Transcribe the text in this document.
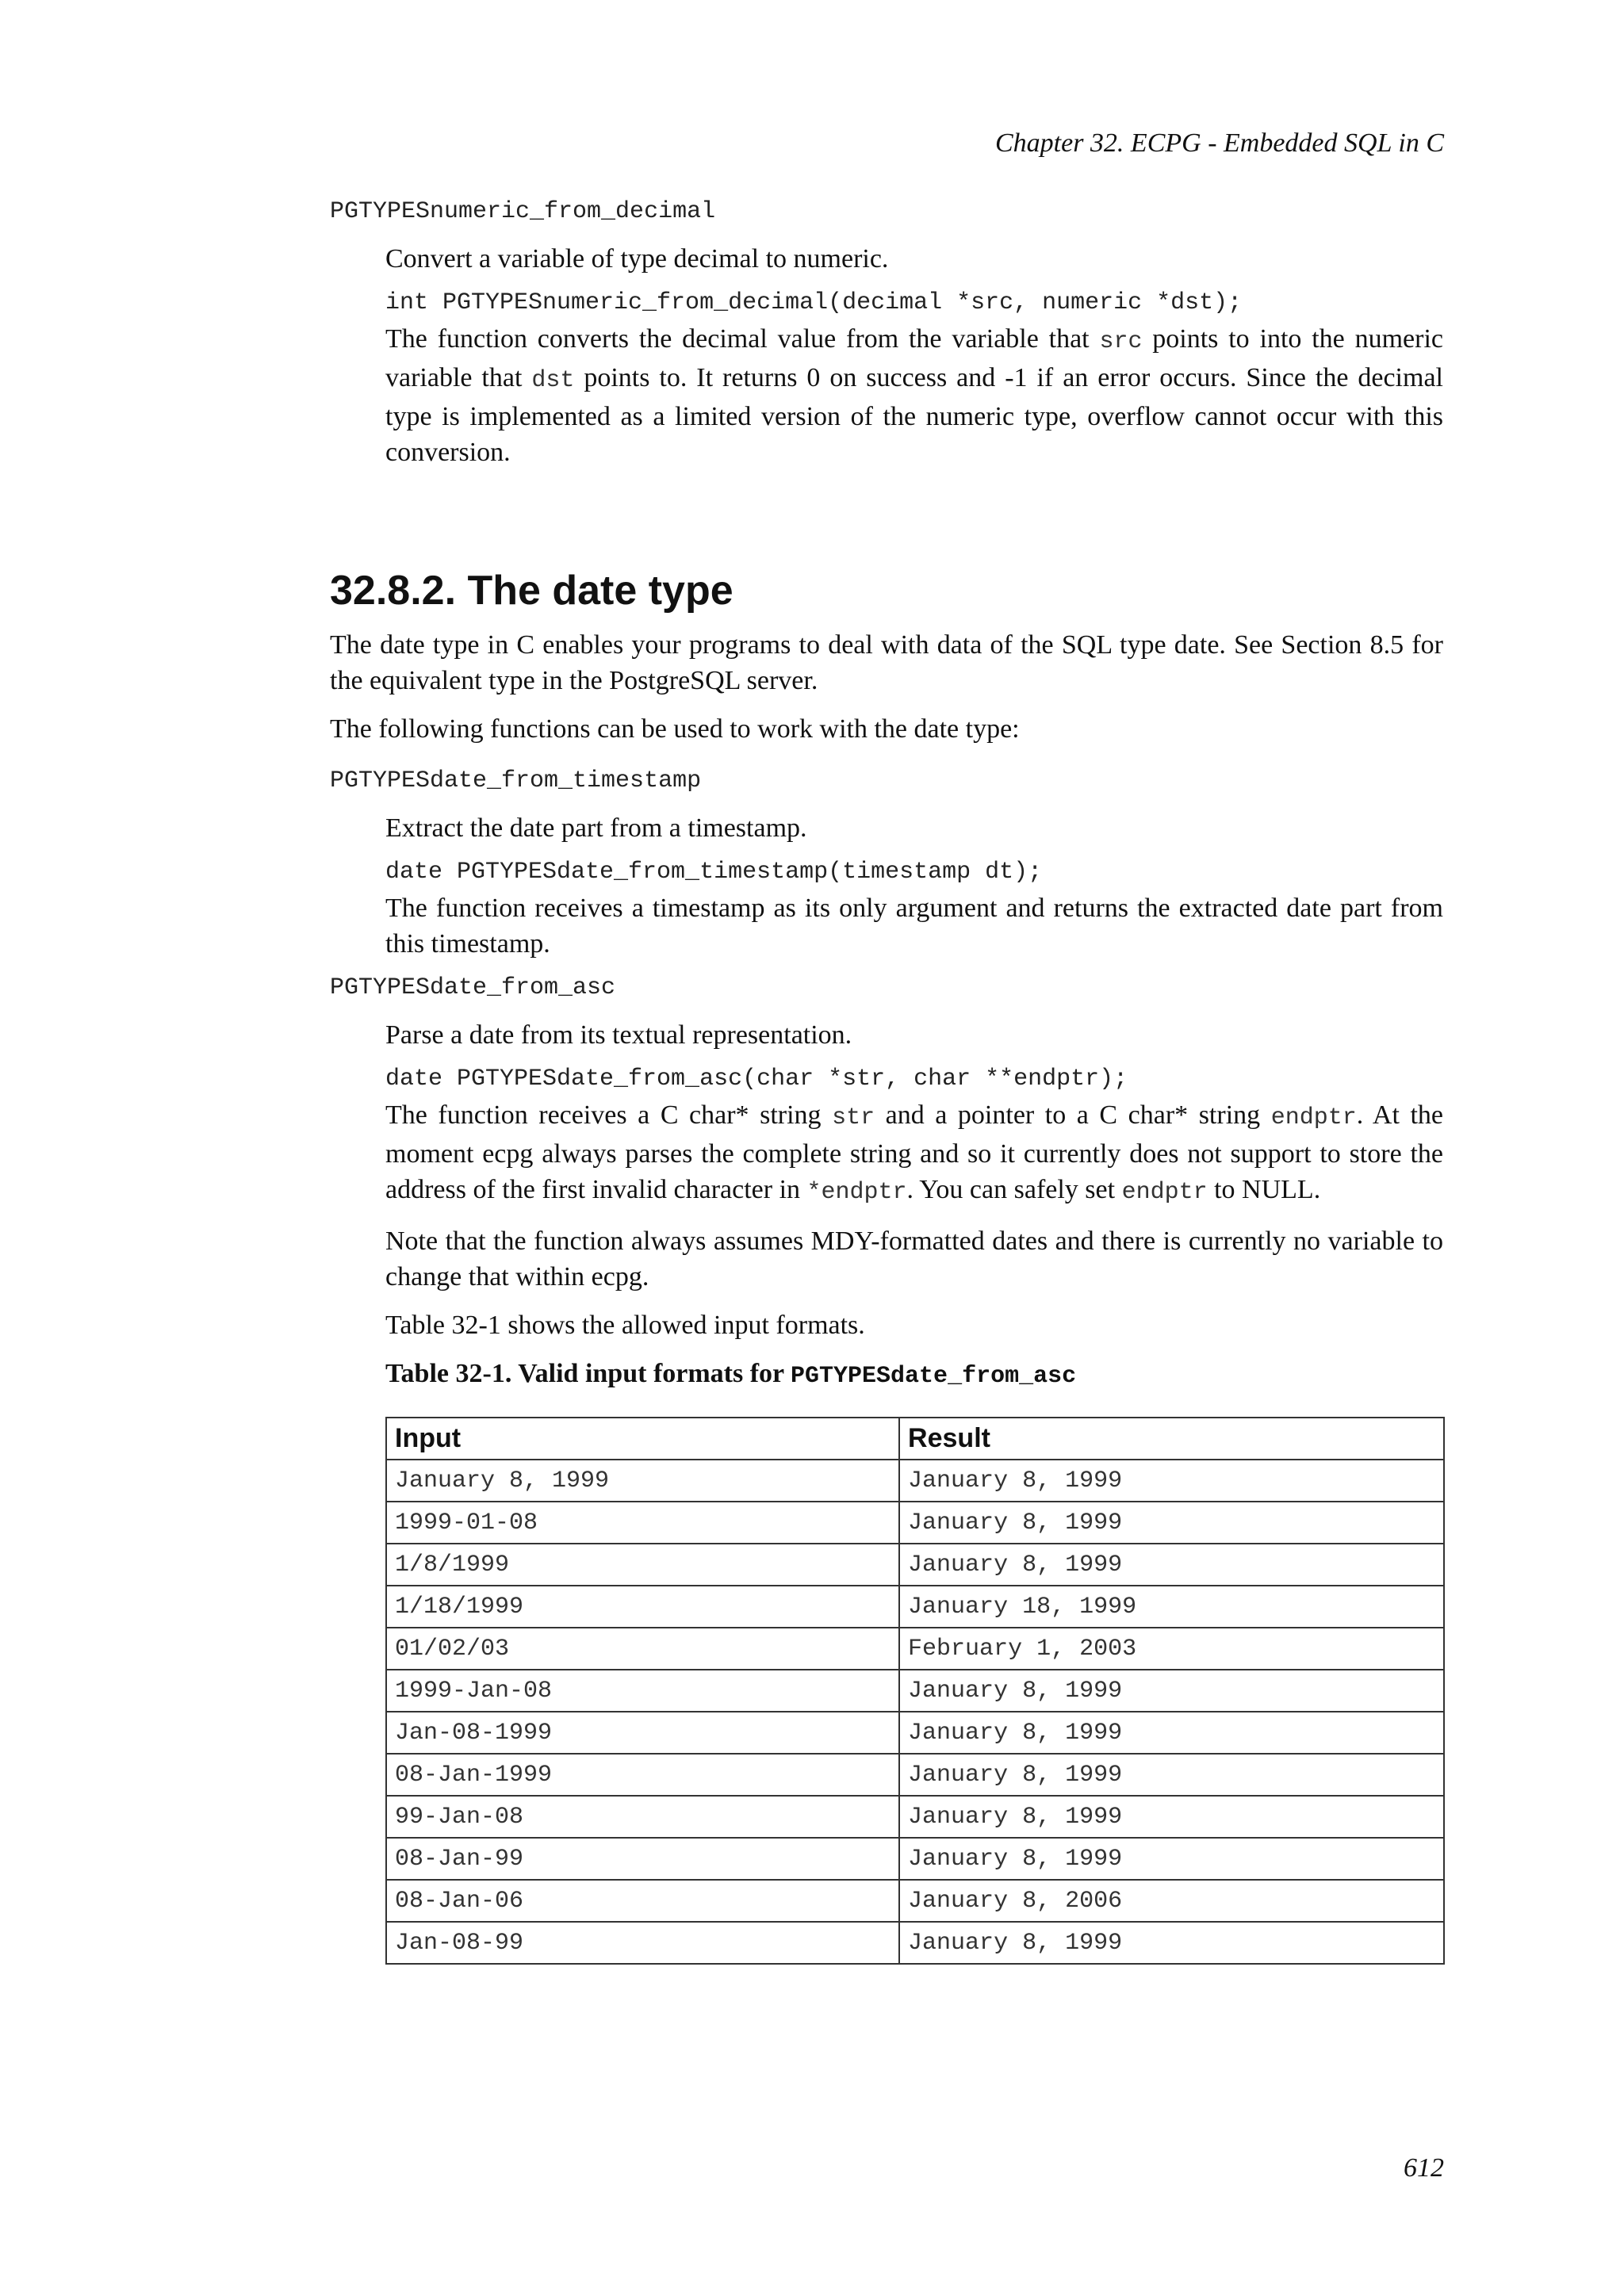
Chapter 32. ECPG - Embedded SQL in C
PGTYPESnumeric_from_decimal

Convert a variable of type decimal to numeric.

int PGTYPESnumeric_from_decimal(decimal *src, numeric *dst);

The function converts the decimal value from the variable that src points to into the numeric variable that dst points to. It returns 0 on success and -1 if an error occurs. Since the decimal type is implemented as a limited version of the numeric type, overflow cannot occur with this conversion.

32.8.2. The date type

The date type in C enables your programs to deal with data of the SQL type date. See Section 8.5 for the equivalent type in the PostgreSQL server.

The following functions can be used to work with the date type:

PGTYPESdate_from_timestamp

Extract the date part from a timestamp.

date PGTYPESdate_from_timestamp(timestamp dt);

The function receives a timestamp as its only argument and returns the extracted date part from this timestamp.

PGTYPESdate_from_asc

Parse a date from its textual representation.

date PGTYPESdate_from_asc(char *str, char **endptr);

The function receives a C char* string str and a pointer to a C char* string endptr. At the moment ecpg always parses the complete string and so it currently does not support to store the address of the first invalid character in *endptr. You can safely set endptr to NULL.

Note that the function always assumes MDY-formatted dates and there is currently no variable to change that within ecpg.

Table 32-1 shows the allowed input formats.

Table 32-1. Valid input formats for PGTYPESdate_from_asc
Input	Result
January 8, 1999	January 8, 1999
1999-01-08	January 8, 1999
1/8/1999	January 8, 1999
1/18/1999	January 18, 1999
01/02/03	February 1, 2003
1999-Jan-08	January 8, 1999
Jan-08-1999	January 8, 1999
08-Jan-1999	January 8, 1999
99-Jan-08	January 8, 1999
08-Jan-99	January 8, 1999
08-Jan-06	January 8, 2006
Jan-08-99	January 8, 1999
612
